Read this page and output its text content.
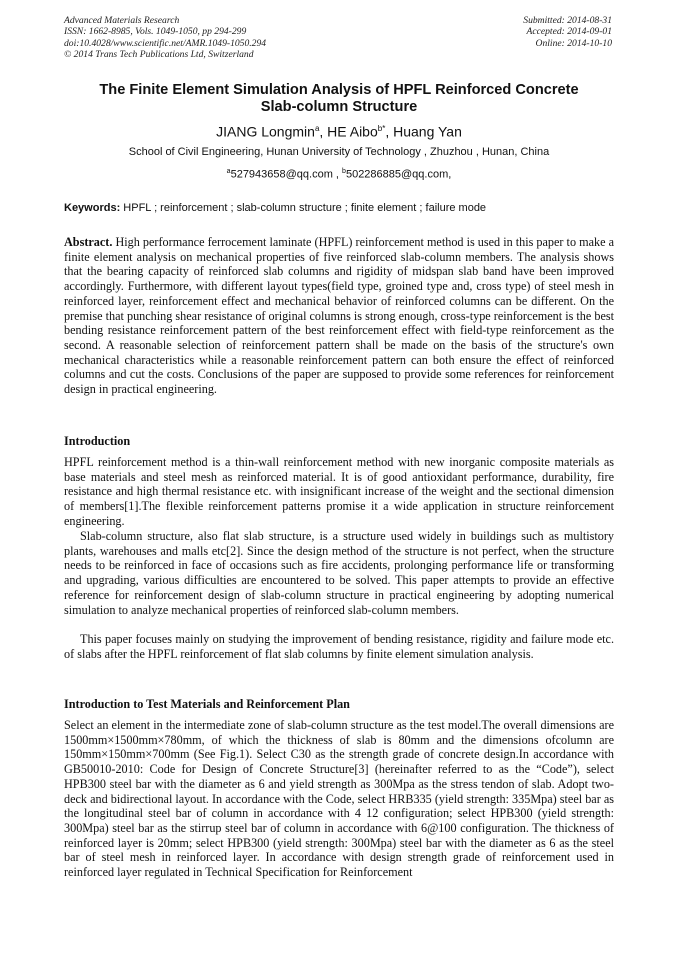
Advanced Materials Research
ISSN: 1662-8985, Vols. 1049-1050, pp 294-299
doi:10.4028/www.scientific.net/AMR.1049-1050.294
© 2014 Trans Tech Publications Ltd, Switzerland
Submitted: 2014-08-31
Accepted: 2014-09-01
Online: 2014-10-10
The Finite Element Simulation Analysis of HPFL Reinforced Concrete
Slab-column Structure
JIANG Longmin$^a$, HE Aibo$^{b*}$, Huang Yan
School of Civil Engineering, Hunan University of Technology , Zhuzhou , Hunan, China
$^a$527943658@qq.com , $^b$502286885@qq.com,
Keywords: HPFL ; reinforcement ; slab-column structure ; finite element ; failure mode
Abstract. High performance ferrocement laminate (HPFL) reinforcement method is used in this paper to make a finite element analysis on mechanical properties of five reinforced slab-column members. The analysis shows that the bearing capacity of reinforced slab columns and rigidity of midspan slab band have been improved accordingly. Furthermore, with different layout types(field type, groined type and, cross type) of steel mesh in reinforced layer, reinforcement effect and mechanical behavior of reinforced columns can be different. On the premise that punching shear resistance of original columns is strong enough, cross-type reinforcement is the best bending resistance reinforcement pattern of the best reinforcement effect with field-type reinforcement as the second. A reasonable selection of reinforcement pattern shall be made on the basis of the structure's own mechanical characteristics while a reasonable reinforcement pattern can both ensure the effect of reinforced columns and cut the costs. Conclusions of the paper are supposed to provide some references for reinforcement design in practical engineering.
Introduction
HPFL reinforcement method is a thin-wall reinforcement method with new inorganic composite materials as base materials and steel mesh as reinforced material. It is of good antioxidant performance, durability, fire resistance and high thermal resistance etc. with insignificant increase of the weight and the sectional dimension of members[1].The flexible reinforcement patterns promise it a wide application in structure reinforcement engineering.
Slab-column structure, also flat slab structure, is a structure used widely in buildings such as multistory plants, warehouses and malls etc[2]. Since the design method of the structure is not perfect, when the structure needs to be reinforced in face of occasions such as fire accidents, prolonging performance life or transforming and upgrading, various difficulties are encountered to be solved. This paper attempts to provide an effective reference for reinforcement design of slab-column structure in practical engineering by adopting numerical simulation to analyze mechanical properties of reinforced slab-column members.
This paper focuses mainly on studying the improvement of bending resistance, rigidity and failure mode etc. of slabs after the HPFL reinforcement of flat slab columns by finite element simulation analysis.
Introduction to Test Materials and Reinforcement Plan
Select an element in the intermediate zone of slab-column structure as the test model.The overall dimensions are 1500mm×1500mm×780mm, of which the thickness of slab is 80mm and the dimensions ofcolumn are 150mm×150mm×700mm (See Fig.1). Select C30 as the strength grade of concrete design.In accordance with GB50010-2010: Code for Design of Concrete Structure[3] (hereinafter referred to as the “Code”), select HPB300 steel bar with the diameter as 6 and yield strength as 300Mpa as the stress tendon of slab. Adopt two-deck and bidirectional layout. In accordance with the Code, select HRB335 (yield strength: 335Mpa) steel bar as the longitudinal steel bar of column in accordance with 4 12 configuration; select HPB300 (yield strength: 300Mpa) steel bar as the stirrup steel bar of column in accordance with 6@100 configuration. The thickness of reinforced layer is 20mm; select HPB300 (yield strength: 300Mpa) steel bar with the diameter as 6 as the steel bar of steel mesh in reinforced layer. In accordance with design strength grade of reinforcement used in reinforced layer regulated in Technical Specification for Reinforcement
